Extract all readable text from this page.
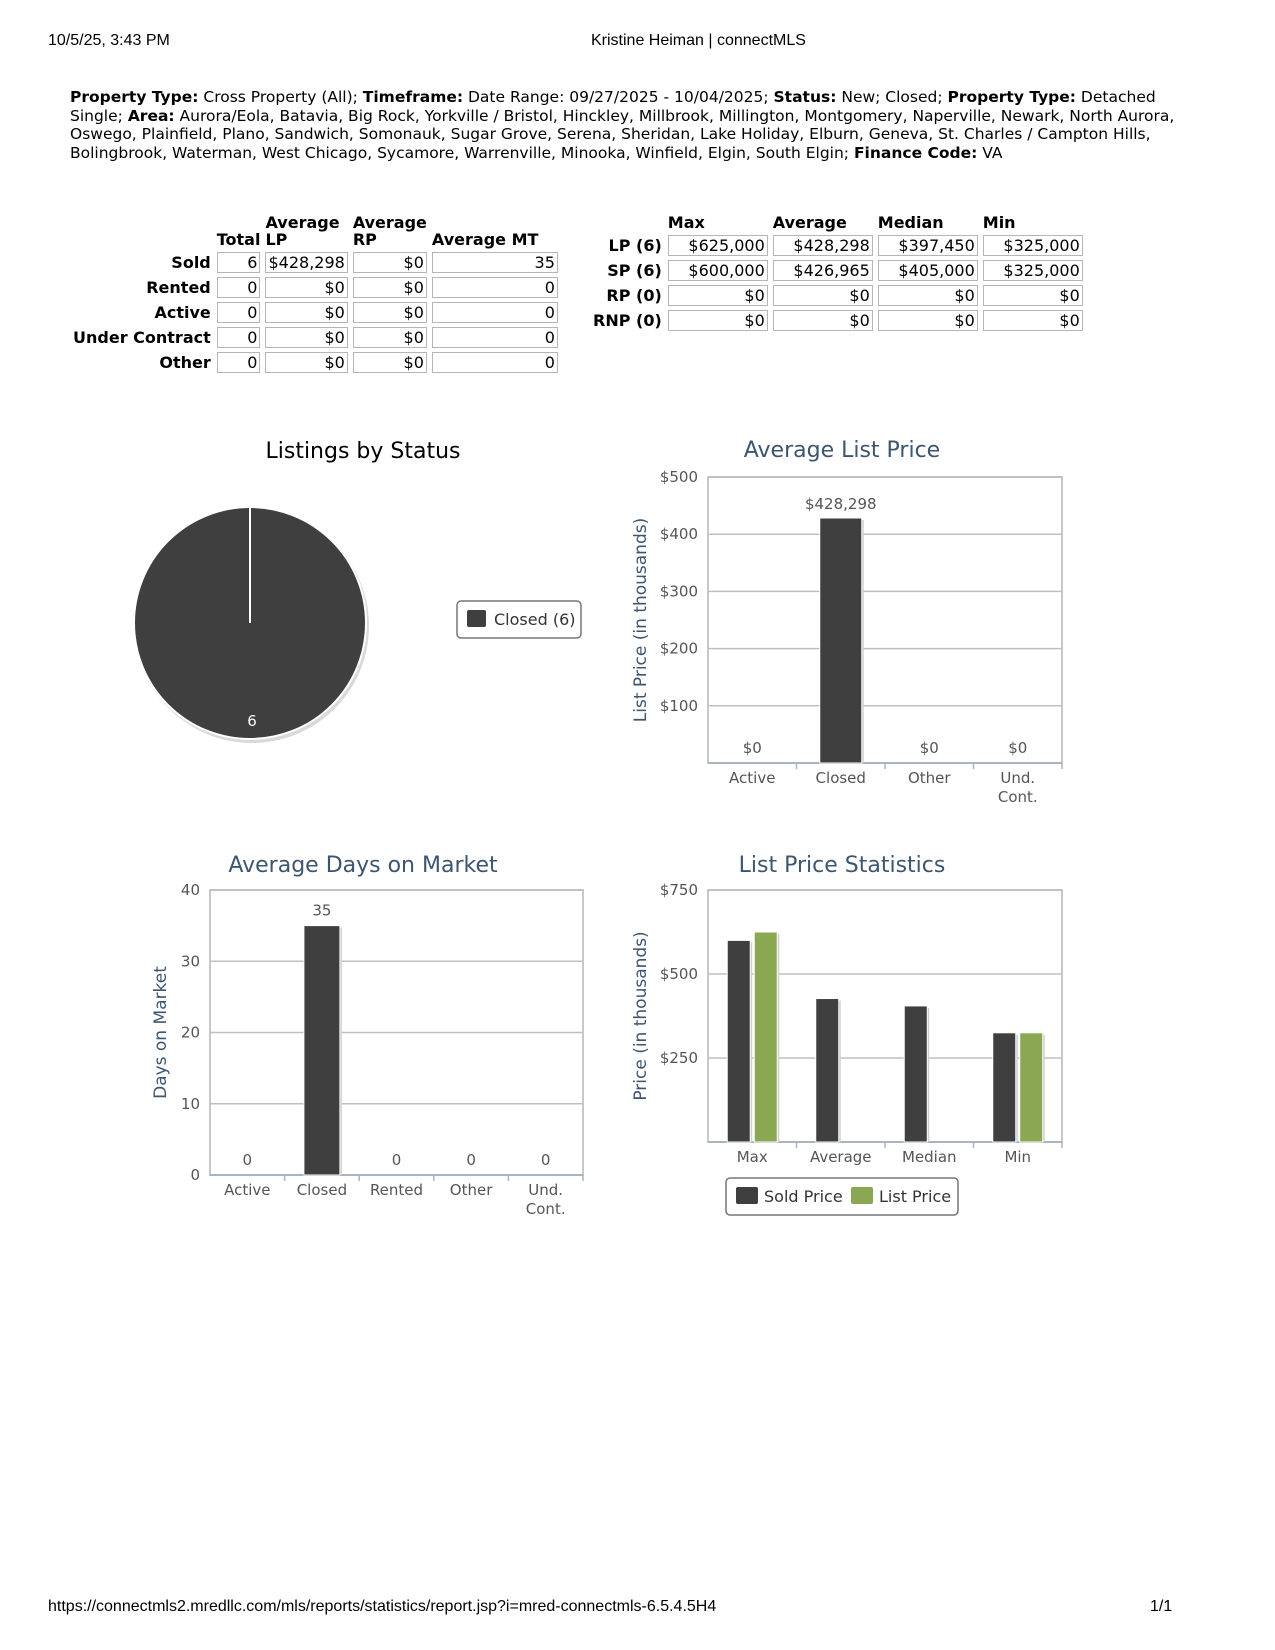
10/5/25, 3:43 PM	Kristine Heiman | connectMLS
Property Type: Cross Property (All); Timeframe: Date Range: 09/27/2025 - 10/04/2025; Status: New; Closed; Property Type: Detached Single; Area: Aurora/Eola, Batavia, Big Rock, Yorkville / Bristol, Hinckley, Millbrook, Millington, Montgomery, Naperville, Newark, North Aurora, Oswego, Plainfield, Plano, Sandwich, Somonauk, Sugar Grove, Serena, Sheridan, Lake Holiday, Elburn, Geneva, St. Charles / Campton Hills, Bolingbrook, Waterman, West Chicago, Sycamore, Warrenville, Minooka, Winfield, Elgin, South Elgin; Finance Code: VA
	Total	Average LP	Average RP	Average MT
Sold	6	$428,298	$0	35
Rented	0	$0	$0	0
Active	0	$0	$0	0
Under Contract	0	$0	$0	0
Other	0	$0	$0	0
	Max	Average	Median	Min
LP (6)	$625,000	$428,298	$397,450	$325,000
SP (6)	$600,000	$426,965	$405,000	$325,000
RP (0)	$0	$0	$0	$0
RNP (0)	$0	$0	$0	$0
Listings by Status
6
Closed (6)
Average List Price
List Price (in thousands) $100
$200
$300
$400
$500
Active	Closed	Other	Und. Cont.
$0
$428,298
$0	$0
Average Days on Market
Days on Market
0
10
20
30
40
Active Closed Rented Other Und. Cont.
0
35
0	0	0
List Price Statistics
Price (in thousands) $250
$500
$750
Max	Average Median	Min
Sold Price List Price
https://connectmls2.mredllc.com/mls/reports/statistics/report.jsp?i=mred-connectmls-6.5.4.5H4	1/1
